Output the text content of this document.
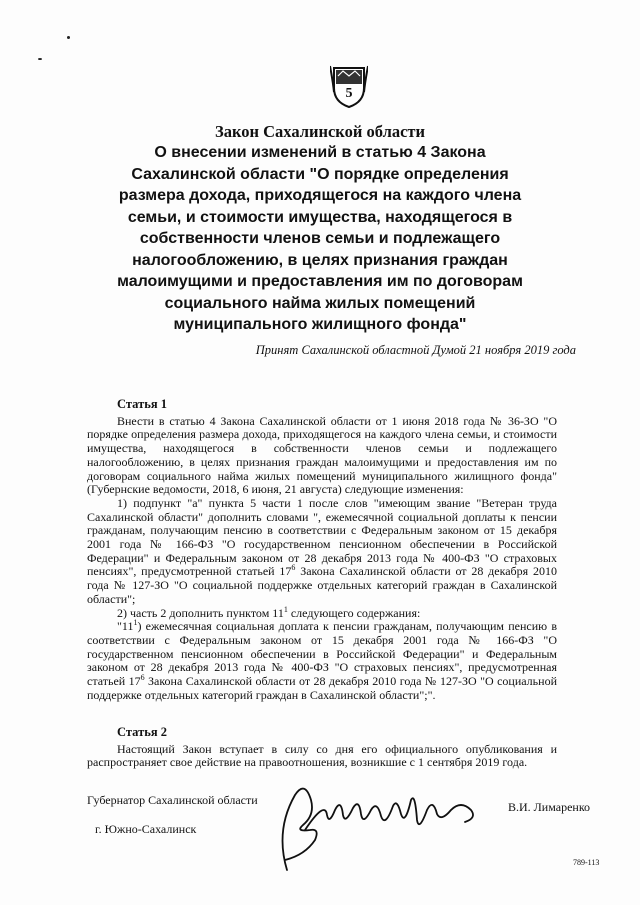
5

Закон Сахалинской области

О внесении изменений в статью 4 Закона

Сахалинской области "О порядке определения

размера дохода, приходящегося на каждого члена

семьи, и стоимости имущества, находящегося в

собственности членов семьи и подлежащего

налогообложению, в целях признания граждан

малоимущими и предоставления им по договорам

социального найма жилых помещений

муниципального жилищного фонда"

Принят Сахалинской областной Думой 21 ноября 2019 года

Статья 1

Внести в статью 4 Закона Сахалинской области от 1 июня 2018 года № 36-ЗО "О порядке определения размера дохода, приходящегося на каждого члена семьи, и стоимости имущества, находящегося в собственности членов семьи и подлежащего налогообложению, в целях признания граждан малоимущими и предоставления им по договорам социального найма жилых помещений муниципального жилищного фонда" (Губернские ведомости, 2018, 6 июня, 21 августа) следующие изменения:

1) подпункт "а" пункта 5 части 1 после слов "имеющим звание "Ветеран труда Сахалинской области" дополнить словами ", ежемесячной социальной доплаты к пенсии гражданам, получающим пенсию в соответствии с Федеральным законом от 15 декабря 2001 года № 166-ФЗ "О государственном пенсионном обеспечении в Российской Федерации" и Федеральным законом от 28 декабря 2013 года № 400-ФЗ "О страховых пенсиях", предусмотренной статьей $17^6$ Закона Сахалинской области от 28 декабря 2010 года № 127-ЗО "О социальной поддержке отдельных категорий граждан в Сахалинской области";

2) часть 2 дополнить пунктом $11^1$ следующего содержания:

"$11^1$) ежемесячная социальная доплата к пенсии гражданам, получающим пенсию в соответствии с Федеральным законом от 15 декабря 2001 года № 166-ФЗ "О государственном пенсионном обеспечении в Российской Федерации" и Федеральным законом от 28 декабря 2013 года № 400-ФЗ "О страховых пенсиях", предусмотренная статьей $17^6$ Закона Сахалинской области от 28 декабря 2010 года № 127-ЗО "О социальной поддержке отдельных категорий граждан в Сахалинской области";".

Статья 2

Настоящий Закон вступает в силу со дня его официального опубликования и распространяет свое действие на правоотношения, возникшие с 1 сентября 2019 года.

Губернатор Сахалинской области	В.И. Лимаренко
г. Южно-Сахалинск
789-113
